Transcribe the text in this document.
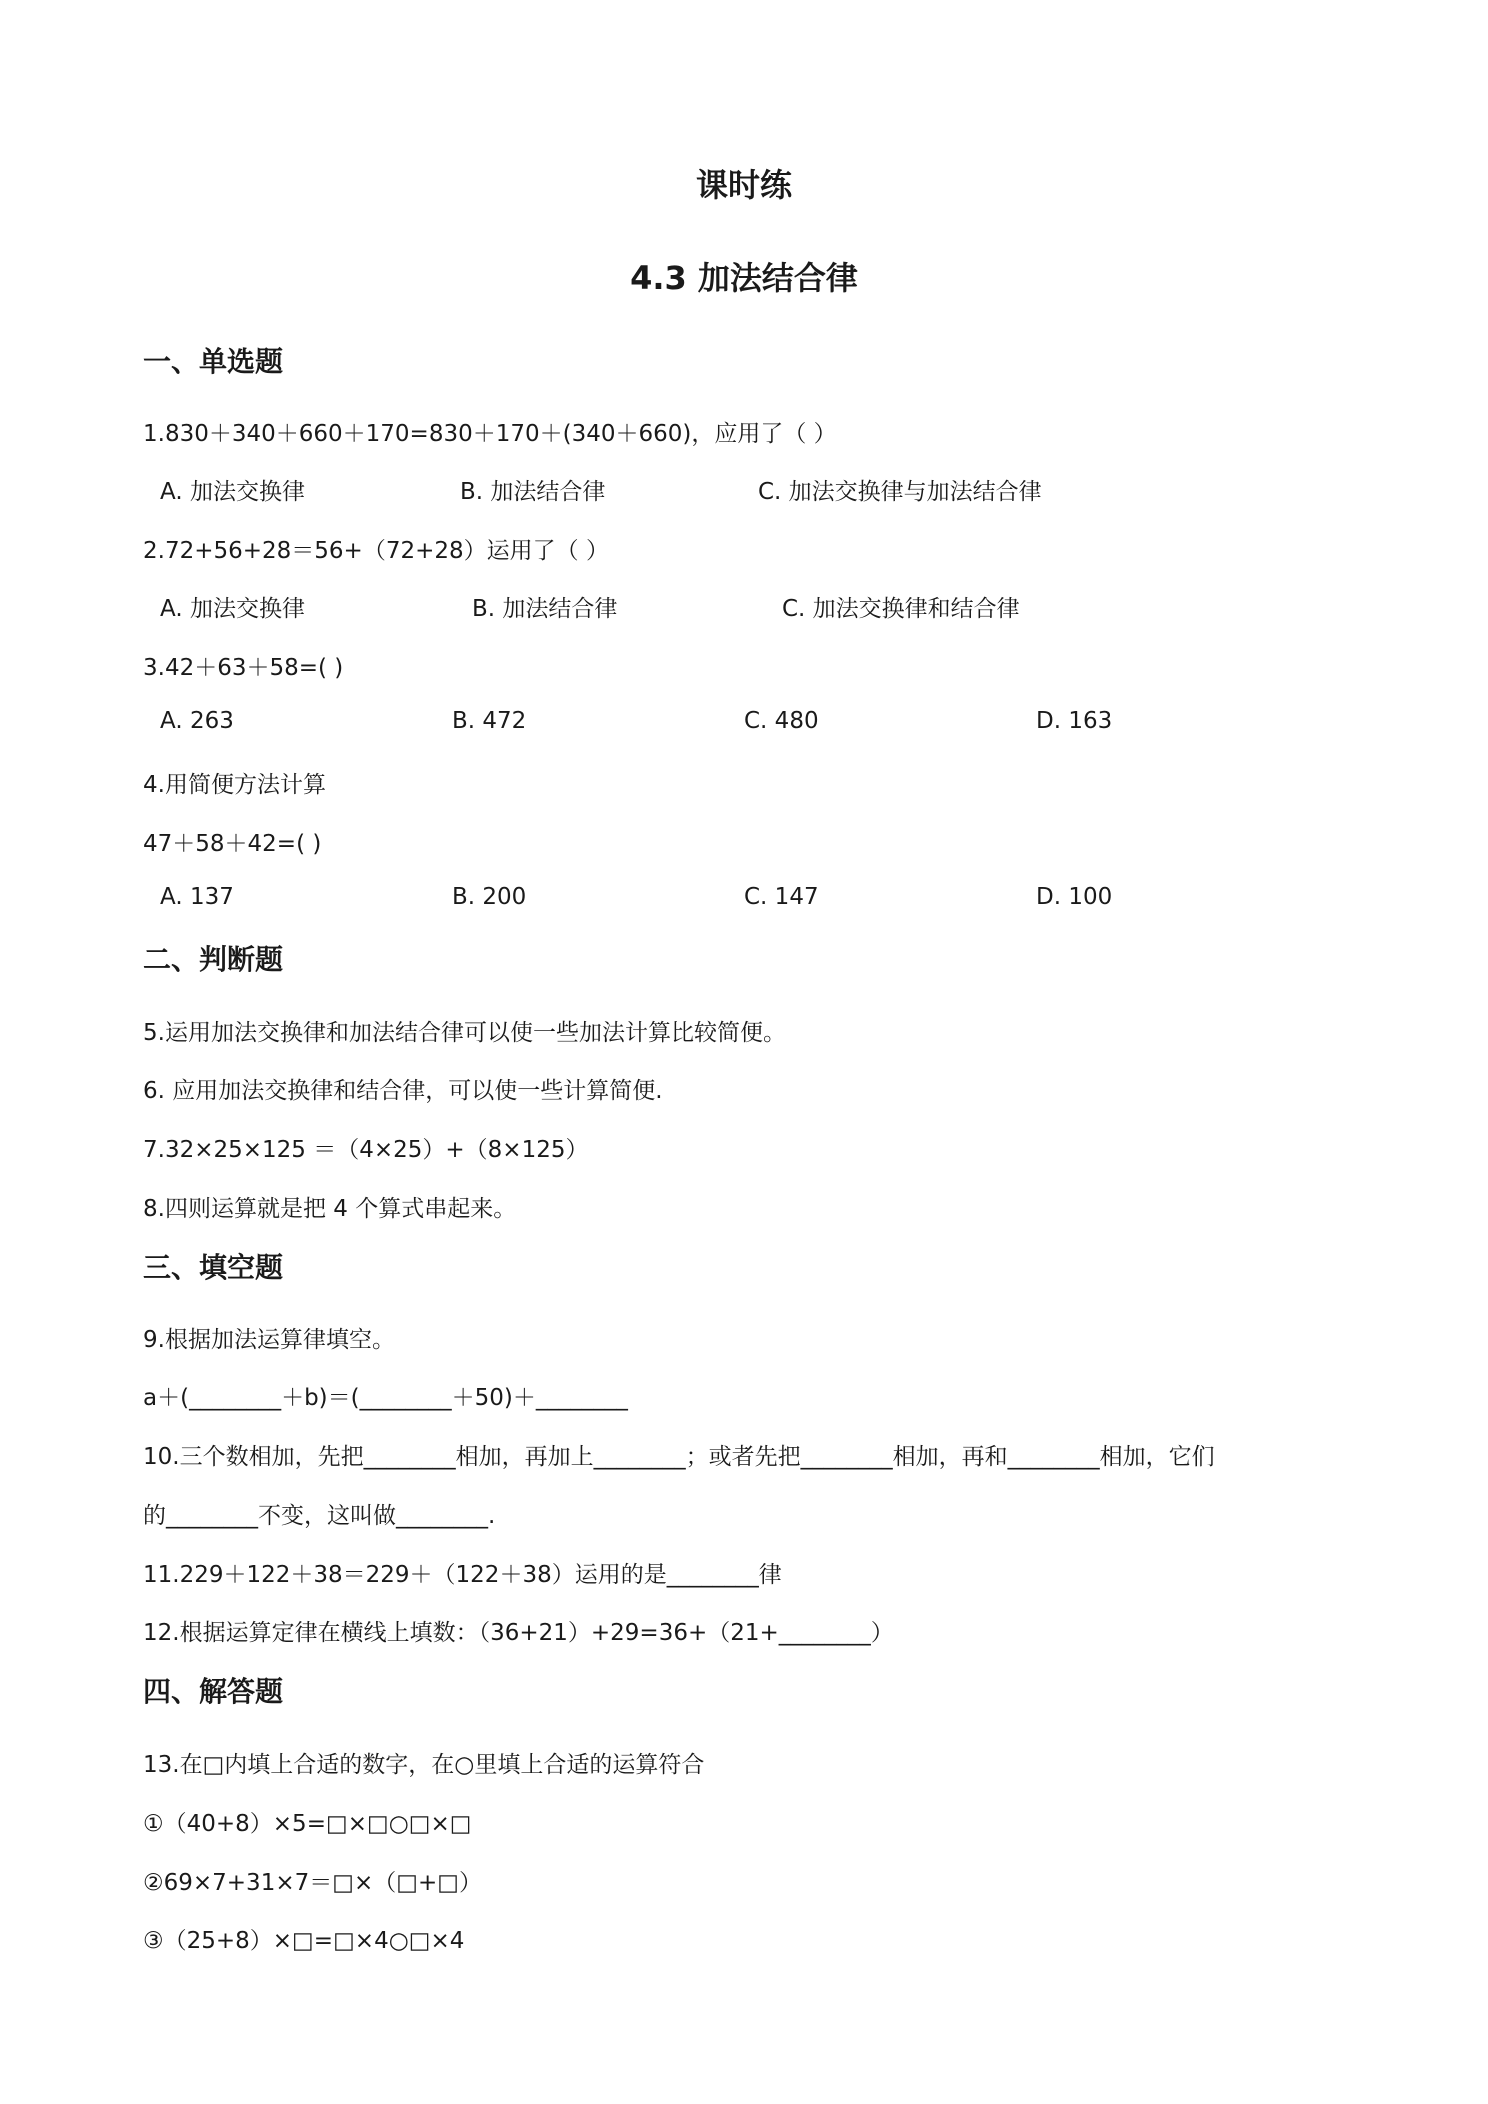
课时练
4.3 加法结合律
一、单选题
1.830＋340＋660＋170=830＋170＋(340＋660)，应用了（ ）
A. 加法交换律	B. 加法结合律	C. 加法交换律与加法结合律
2.72+56+28＝56+（72+28）运用了（ ）
A. 加法交换律	B. 加法结合律	C. 加法交换律和结合律
3.42＋63＋58=( )
A. 263	B. 472	C. 480	D. 163
4.用简便方法计算
47＋58＋42=( )
A. 137	B. 200	C. 147	D. 100
二、判断题
5.运用加法交换律和加法结合律可以使一些加法计算比较简便。
6. 应用加法交换律和结合律，可以使一些计算简便.
7.32×25×125 ＝（4×25）+（8×125）
8.四则运算就是把 4 个算式串起来。
三、填空题
9.根据加法运算律填空。
a＋(________＋b)＝(________＋50)＋________
10.三个数相加，先把________相加，再加上________；或者先把________相加，再和________相加，它们
的________不变，这叫做________.
11.229＋122＋38＝229＋（122＋38）运用的是________律
12.根据运算定律在横线上填数：（36+21）+29=36+（21+________）
四、解答题
13.在□内填上合适的数字，在○里填上合适的运算符合
①（40+8）×5=□×□○□×□
②69×7+31×7＝□×（□+□）
③（25+8）×□=□×4○□×4
